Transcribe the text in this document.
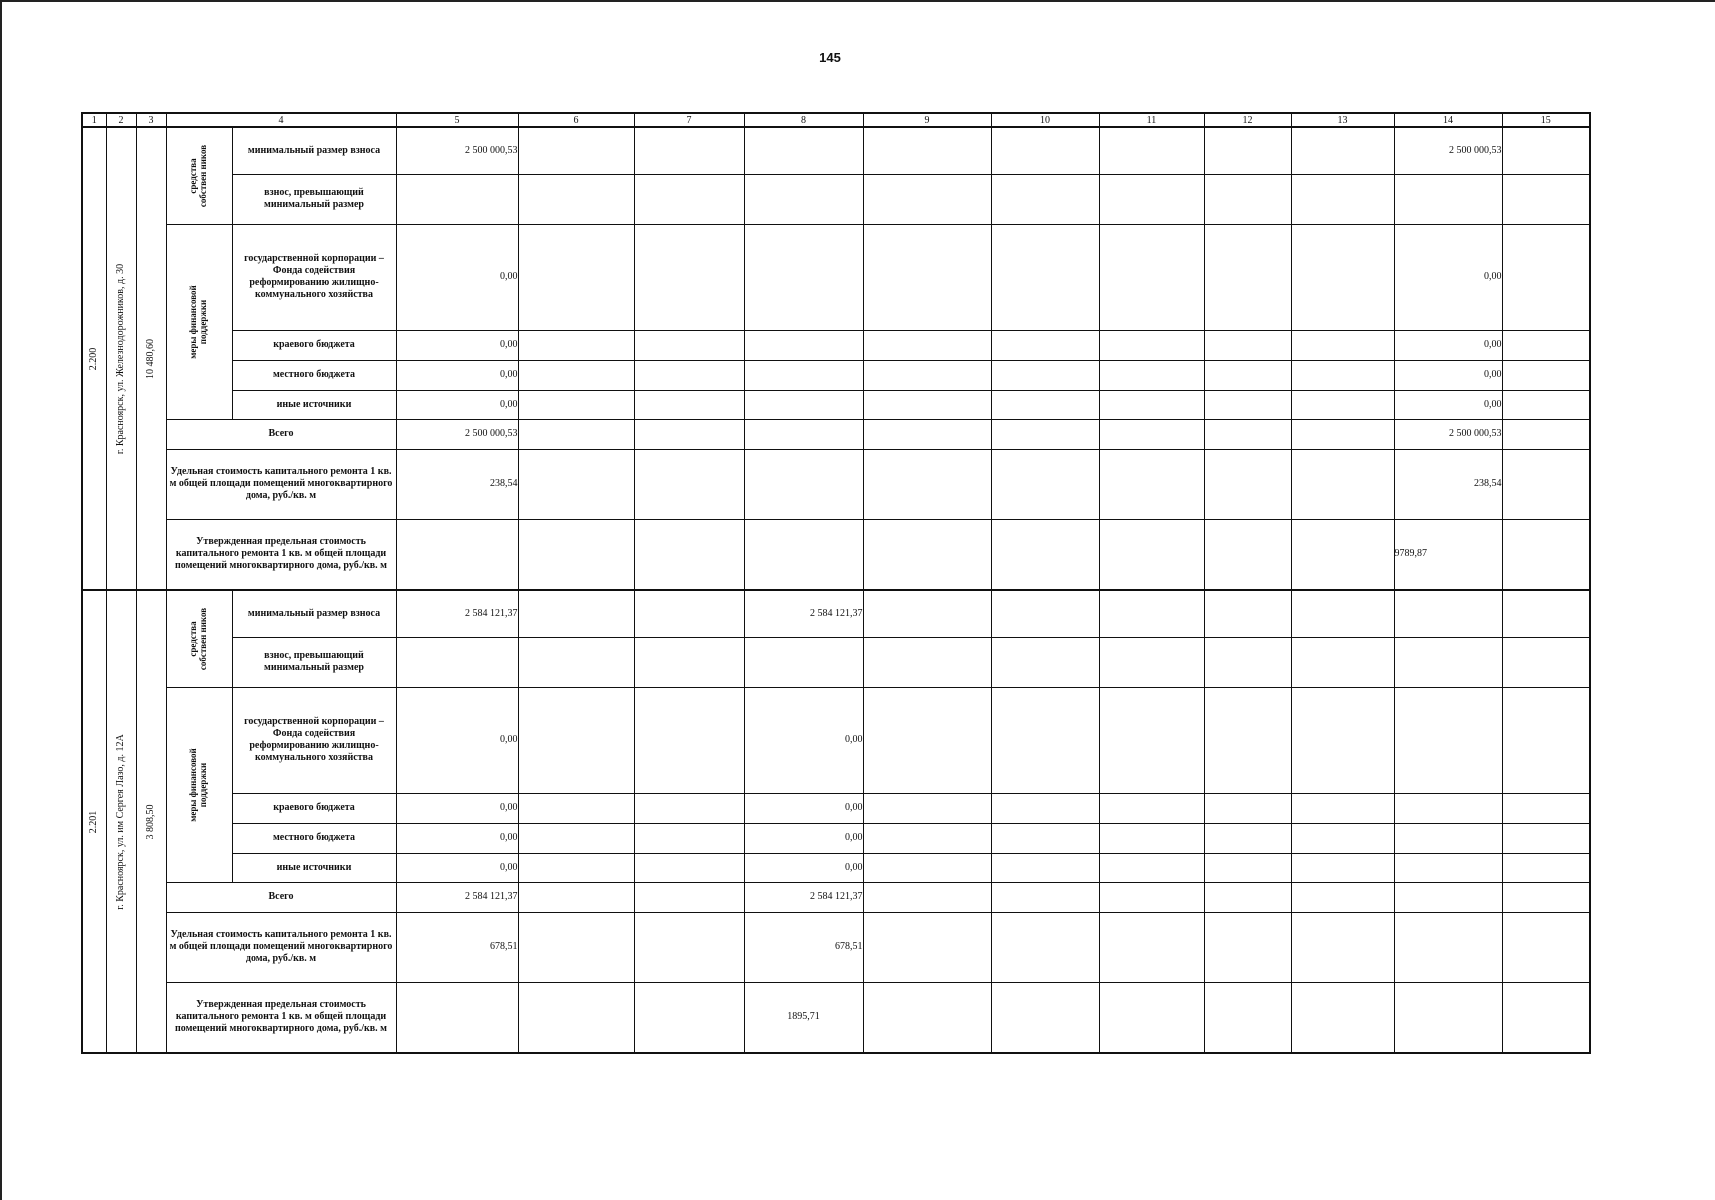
145
1	2	3	4		5	6	7	8	9	10	11	12	13	14	15

2.200	г. Красноярск, ул. Железнодорожников, д. 30	10 480,60	средства собствен ников	минимальный размер взноса	2 500 000,53									2 500 000,53	
				взнос, превышающий минимальный размер											

			меры финансовой поддержки	государственной корпорации – Фонда содействия реформированию жилищно-коммунального хозяйства	0,00									0,00	
				краевого бюджета	0,00									0,00	
				местного бюджета	0,00									0,00	
				иные источники	0,00									0,00	
			Всего		2 500 000,53									2 500 000,53	
			Удельная стоимость капитального ремонта 1 кв. м общей площади помещений многоквартирного дома, руб./кв. м		238,54									238,54	
			Утвержденная предельная стоимость капитального ремонта 1 кв. м общей площади помещений многоквартирного дома, руб./кв. м											9789,87	

2.201	г. Красноярск, ул. им Сергея Лазо, д. 12А	3 808,50	средства собствен ников	минимальный размер взноса	2 584 121,37			2 584 121,37							
				взнос, превышающий минимальный размер											

			меры финансовой поддержки	государственной корпорации – Фонда содействия реформированию жилищно-коммунального хозяйства	0,00			0,00							
				краевого бюджета	0,00			0,00							
				местного бюджета	0,00			0,00							
				иные источники	0,00			0,00							
			Всего		2 584 121,37			2 584 121,37							
			Удельная стоимость капитального ремонта 1 кв. м общей площади помещений многоквартирного дома, руб./кв. м		678,51			678,51							
			Утвержденная предельная стоимость капитального ремонта 1 кв. м общей площади помещений многоквартирного дома, руб./кв. м					1895,71							
